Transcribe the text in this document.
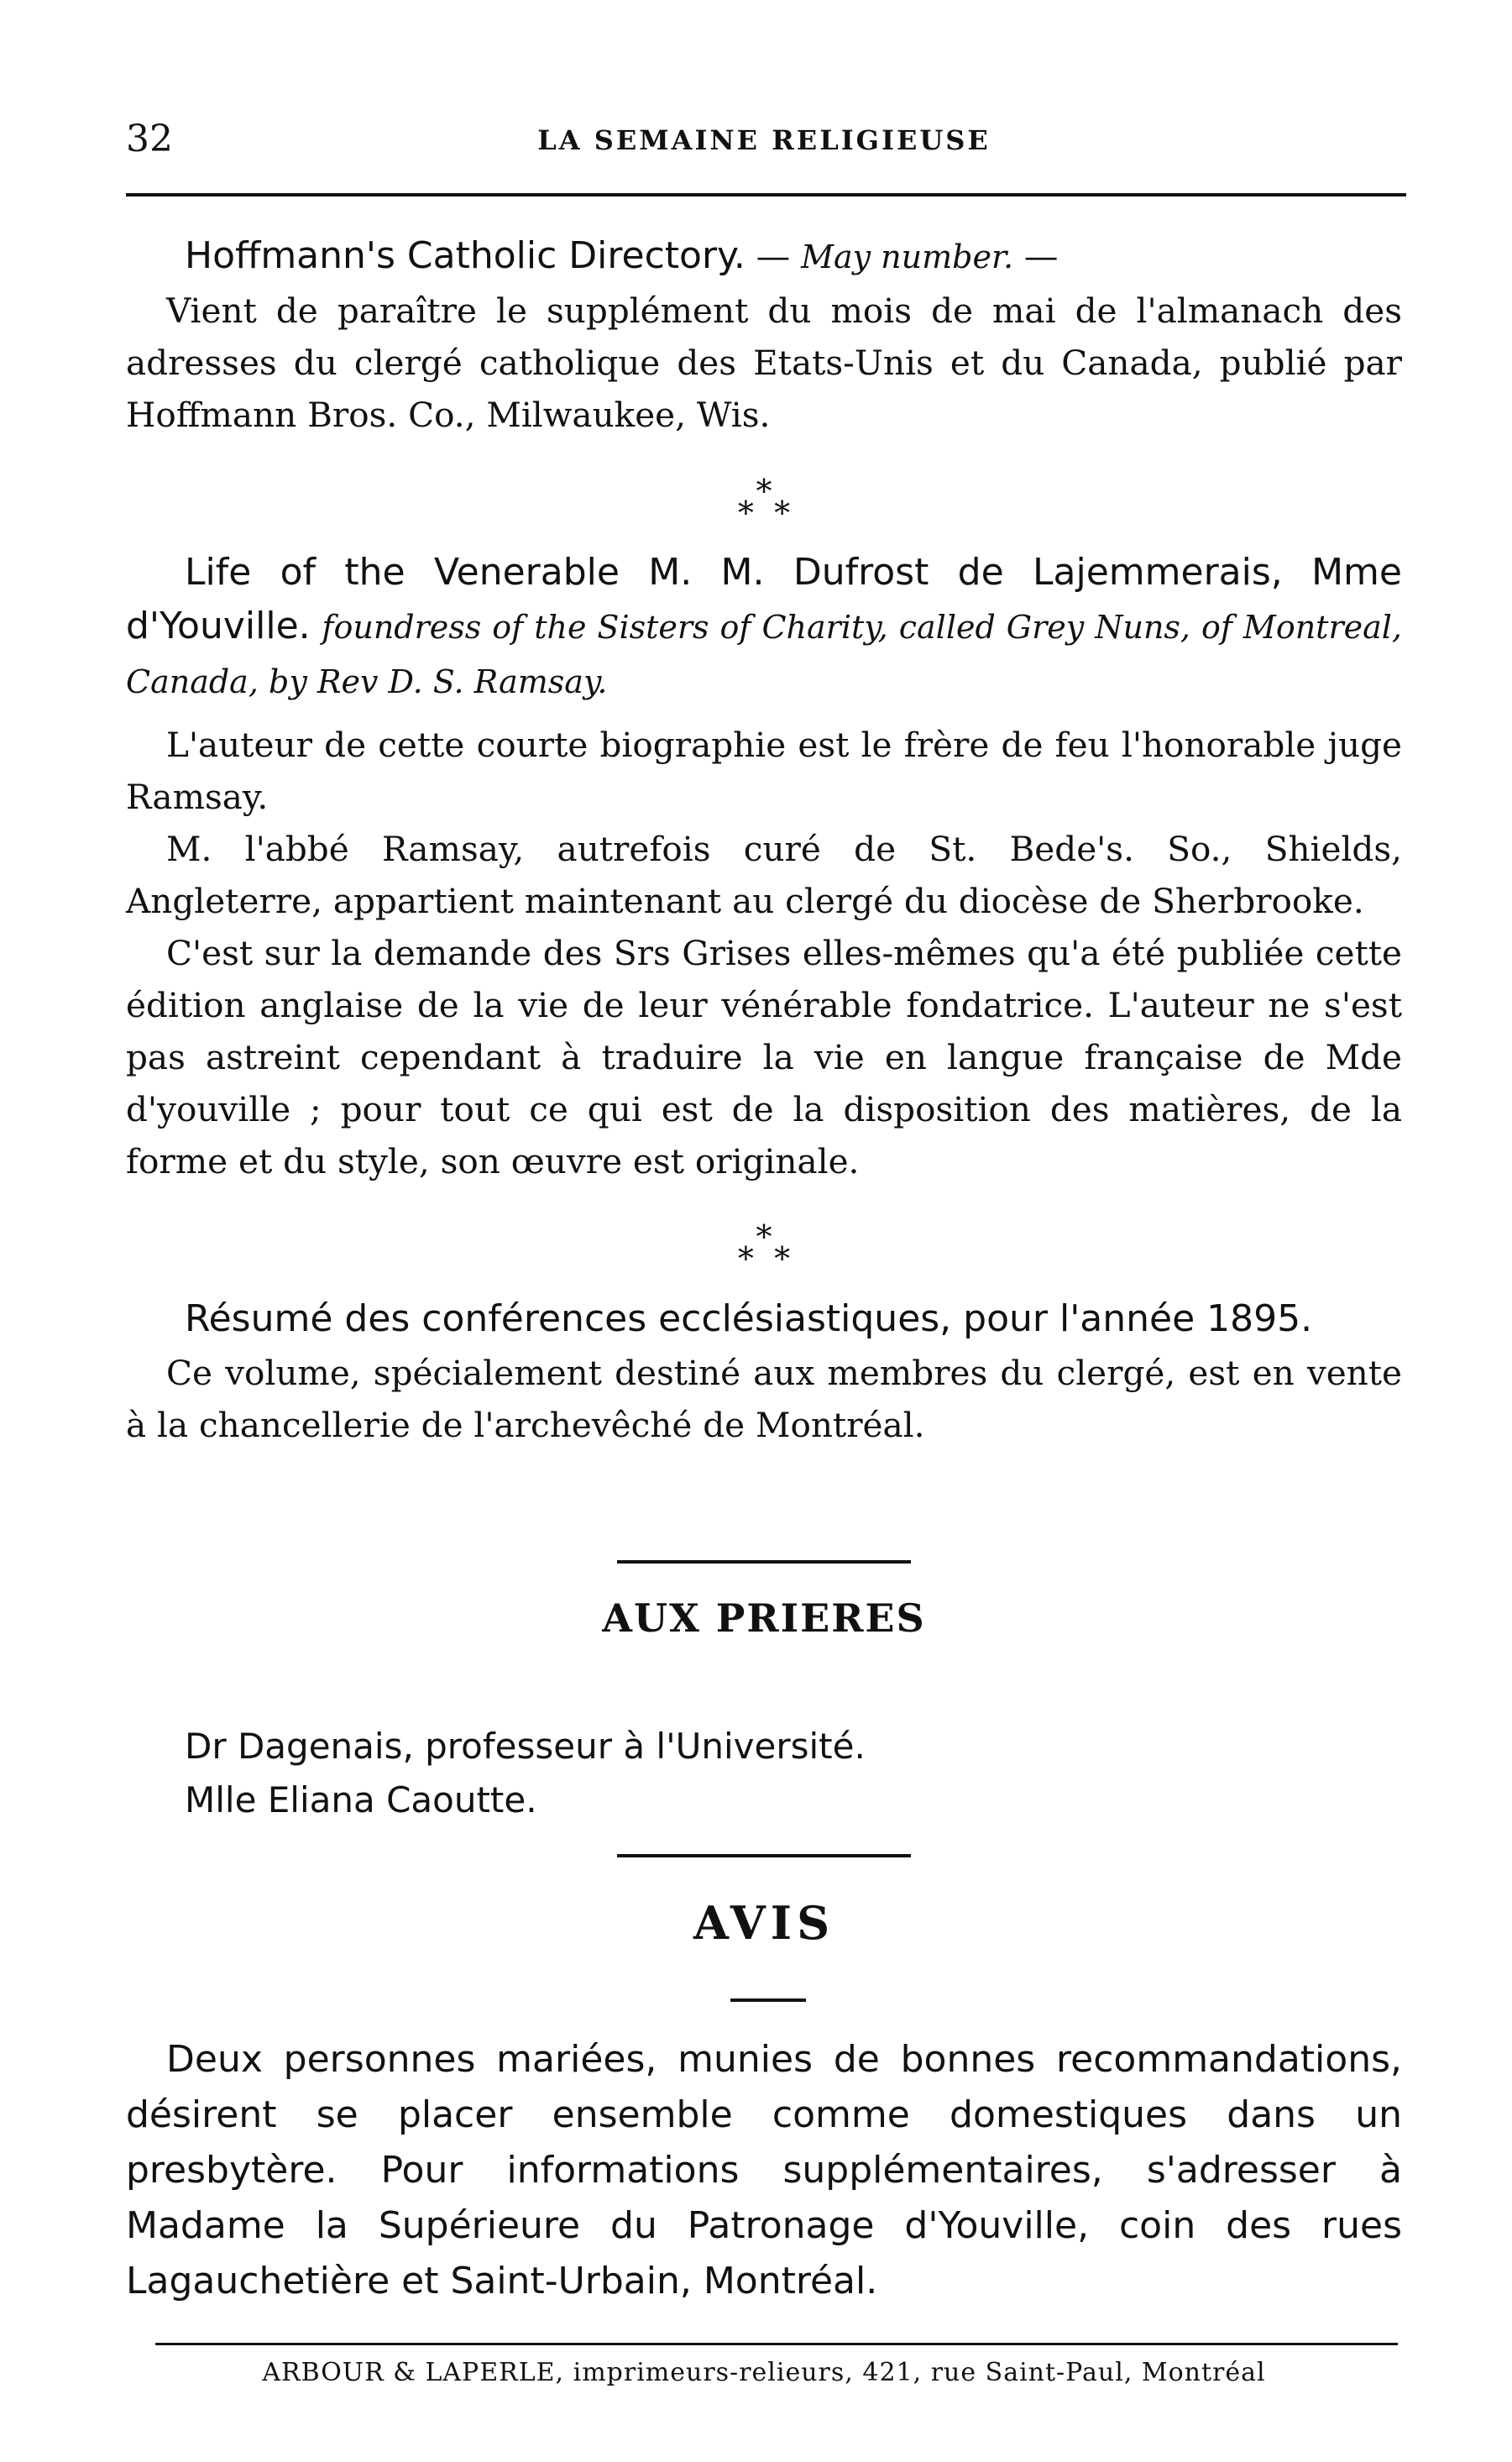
32	LA SEMAINE RELIGIEUSE

Hoffmann's Catholic Directory. — May number. —

Vient de paraître le supplément du mois de mai de l'almanach des adresses du clergé catholique des Etats-Unis et du Canada, publié par Hoffmann Bros. Co., Milwaukee, Wis.

*
* *

Life of the Venerable M. M. Dufrost de Lajemmerais, Mme d'Youville. foundress of the Sisters of Charity, called Grey Nuns, of Montreal, Canada, by Rev D. S. Ramsay.

L'auteur de cette courte biographie est le frère de feu l'honorable juge Ramsay.

M. l'abbé Ramsay, autrefois curé de St. Bede's. So., Shields, Angleterre, appartient maintenant au clergé du diocèse de Sherbrooke.

C'est sur la demande des Srs Grises elles-mêmes qu'a été publiée cette édition anglaise de la vie de leur vénérable fondatrice. L'auteur ne s'est pas astreint cependant à traduire la vie en langue française de Mde d'youville ; pour tout ce qui est de la disposition des matières, de la forme et du style, son œuvre est originale.

*
* *

Résumé des conférences ecclésiastiques, pour l'année 1895.

Ce volume, spécialement destiné aux membres du clergé, est en vente à la chancellerie de l'archevêché de Montréal.

AUX PRIERES
Dr Dagenais, professeur à l'Université.
Mlle Eliana Caoutte.
AVIS

Deux personnes mariées, munies de bonnes recommandations, désirent se placer ensemble comme domestiques dans un presbytère. Pour informations supplémentaires, s'adresser à Madame la Supérieure du Patronage d'Youville, coin des rues Lagauchetière et Saint-Urbain, Montréal.

ARBOUR & LAPERLE, imprimeurs-relieurs, 421, rue Saint-Paul, Montréal
